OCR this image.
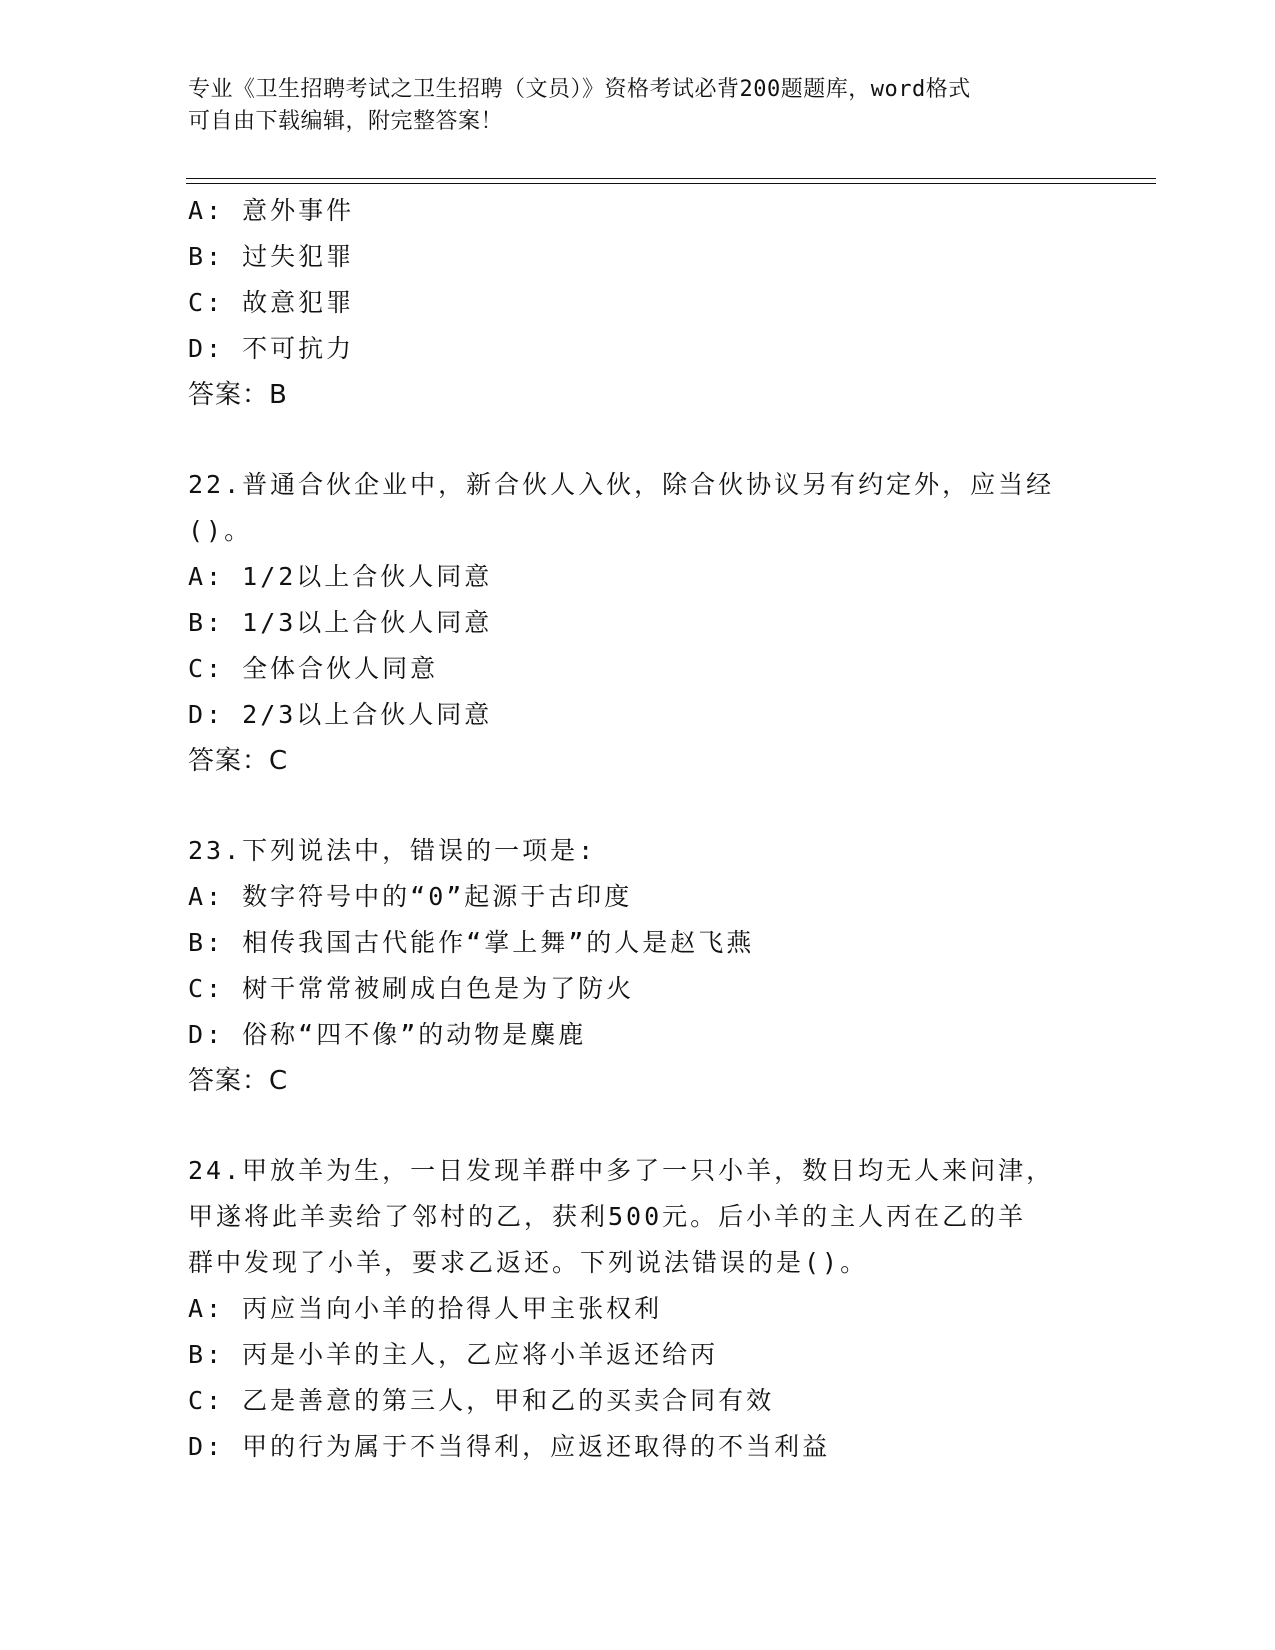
专业《卫生招聘考试之卫生招聘（文员）》资格考试必背200题题库，word格式
可自由下载编辑，附完整答案！
A: 意外事件
B: 过失犯罪
C: 故意犯罪
D: 不可抗力
答案：B
22.普通合伙企业中，新合伙人入伙，除合伙协议另有约定外，应当经
()。
A: 1/2以上合伙人同意
B: 1/3以上合伙人同意
C: 全体合伙人同意
D: 2/3以上合伙人同意
答案：C
23.下列说法中，错误的一项是:
A: 数字符号中的“0”起源于古印度
B: 相传我国古代能作“掌上舞”的人是赵飞燕
C: 树干常常被刷成白色是为了防火
D: 俗称“四不像”的动物是麋鹿
答案：C
24.甲放羊为生，一日发现羊群中多了一只小羊，数日均无人来问津，
甲遂将此羊卖给了邻村的乙，获利500元。后小羊的主人丙在乙的羊
群中发现了小羊，要求乙返还。下列说法错误的是()。
A: 丙应当向小羊的拾得人甲主张权利
B: 丙是小羊的主人，乙应将小羊返还给丙
C: 乙是善意的第三人，甲和乙的买卖合同有效
D: 甲的行为属于不当得利，应返还取得的不当利益
